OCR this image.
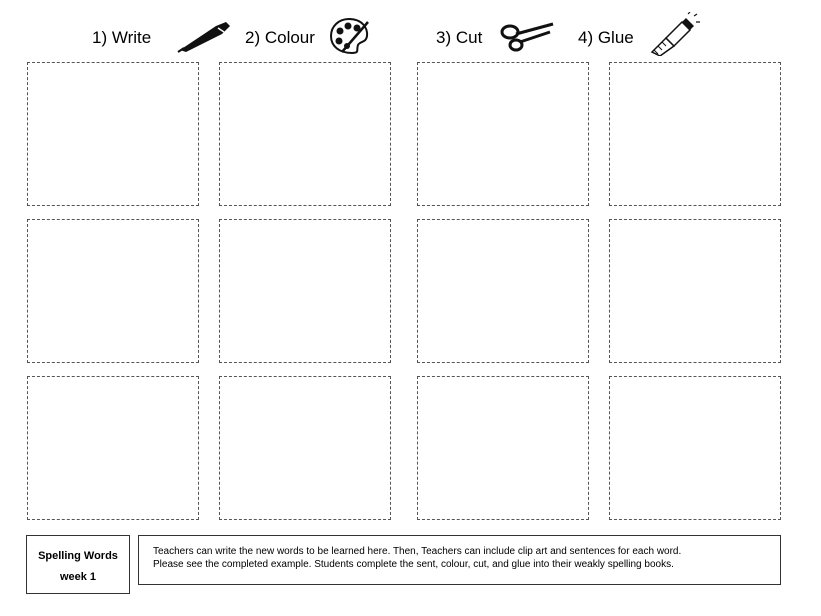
1) Write	2) Colour	3) Cut	4) Glue
Spelling Words
week 1
Teachers can write the new words to be learned here. Then, Teachers can include clip art and sentences for each word.
Please see the completed example. Students complete the sent, colour, cut, and glue into their weakly spelling books.
